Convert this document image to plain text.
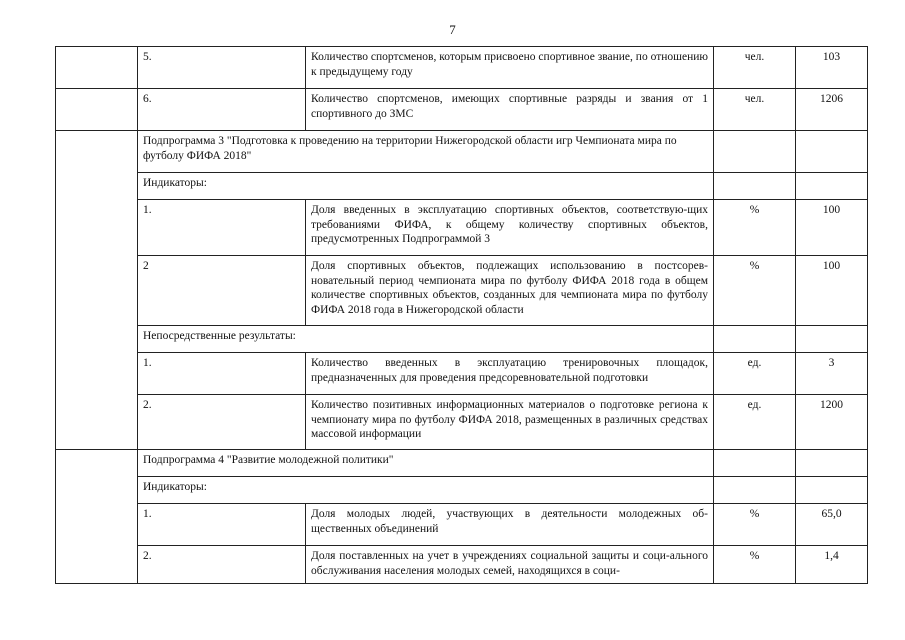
7
	5.	Количество спортсменов, которым присвоено спортивное звание, по отношению к предыдущему году	чел.	103
	6.	Количество спортсменов, имеющих спортивные разряды и звания от 1 спортивного до ЗМС	чел.	1206
	Подпрограмма 3 "Подготовка к проведению на территории Нижегородской области игр Чемпионата мира по футболу ФИФА 2018"			
	Индикаторы:			
	1.	Доля введенных в эксплуатацию спортивных объектов, соответствую-щих требованиями ФИФА, к общему количеству спортивных объектов, предусмотренных Подпрограммой 3	%	100
	2	Доля спортивных объектов, подлежащих использованию в постсорев-новательный период чемпионата мира по футболу ФИФА 2018 года в общем количестве спортивных объектов, созданных для чемпионата мира по футболу ФИФА 2018 года в Нижегородской области	%	100
	Непосредственные результаты:			
	1.	Количество введенных в эксплуатацию тренировочных площадок, предназначенных для проведения предсоревновательной подготовки	ед.	3
	2.	Количество позитивных информационных материалов о подготовке региона к чемпионату мира по футболу ФИФА 2018, размещенных в различных средствах массовой информации	ед.	1200
	Подпрограмма 4 "Развитие молодежной политики"			
	Индикаторы:			
	1.	Доля молодых людей, участвующих в деятельности молодежных об-щественных объединений	%	65,0
	2.	Доля поставленных на учет в учреждениях социальной защиты и соци-ального обслуживания населения молодых семей, находящихся в соци-	%	1,4
